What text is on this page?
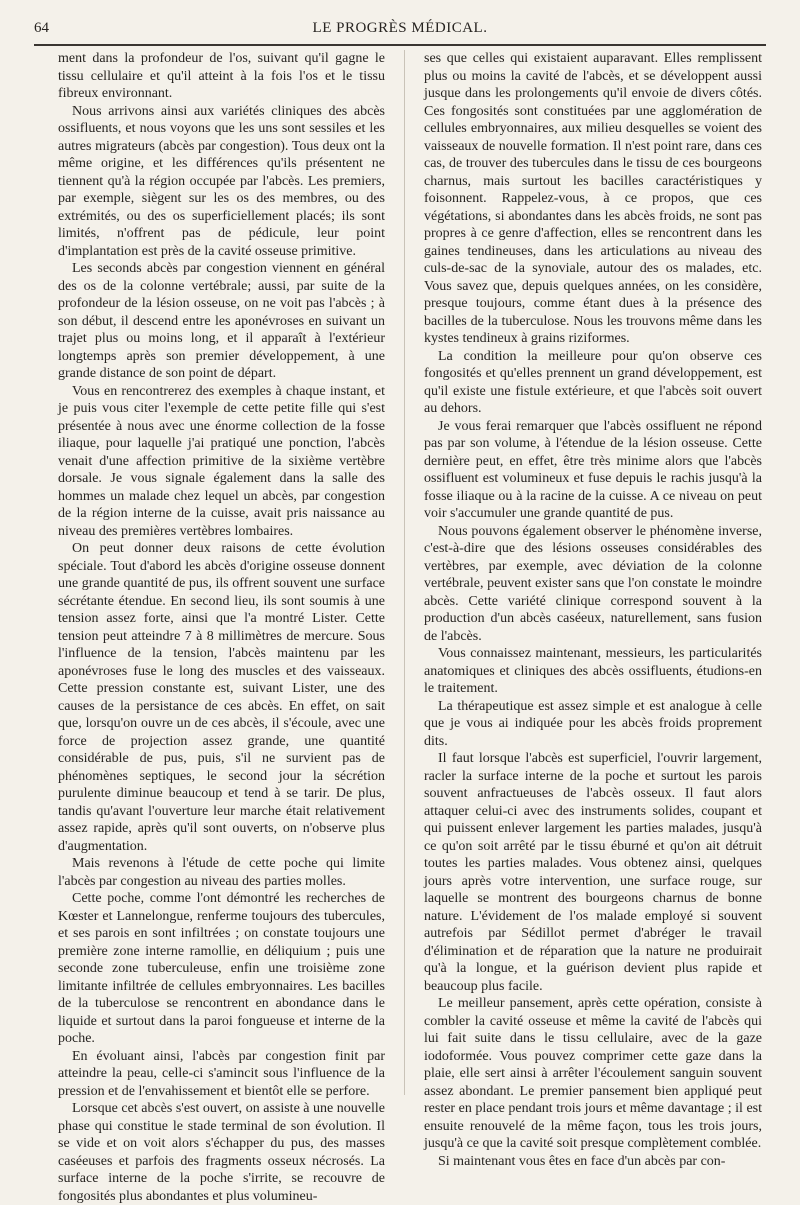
64	LE PROGRÈS MÉDICAL.

ment dans la profondeur de l'os, suivant qu'il gagne le tissu cellulaire et qu'il atteint à la fois l'os et le tissu fibreux environnant.

Nous arrivons ainsi aux variétés cliniques des abcès ossifluents, et nous voyons que les uns sont sessiles et les autres migrateurs (abcès par congestion). Tous deux ont la même origine, et les différences qu'ils présentent ne tiennent qu'à la région occupée par l'abcès. Les premiers, par exemple, siègent sur les os des membres, ou des extrémités, ou des os superficiellement placés; ils sont limités, n'offrent pas de pédicule, leur point d'implantation est près de la cavité osseuse primitive.

Les seconds abcès par congestion viennent en général des os de la colonne vertébrale; aussi, par suite de la profondeur de la lésion osseuse, on ne voit pas l'abcès ; à son début, il descend entre les aponévroses en suivant un trajet plus ou moins long, et il apparaît à l'extérieur longtemps après son premier développement, à une grande distance de son point de départ.

Vous en rencontrerez des exemples à chaque instant, et je puis vous citer l'exemple de cette petite fille qui s'est présentée à nous avec une énorme collection de la fosse iliaque, pour laquelle j'ai pratiqué une ponction, l'abcès venait d'une affection primitive de la sixième vertèbre dorsale. Je vous signale également dans la salle des hommes un malade chez lequel un abcès, par congestion de la région interne de la cuisse, avait pris naissance au niveau des premières vertèbres lombaires.

On peut donner deux raisons de cette évolution spéciale. Tout d'abord les abcès d'origine osseuse donnent une grande quantité de pus, ils offrent souvent une surface sécrétante étendue. En second lieu, ils sont soumis à une tension assez forte, ainsi que l'a montré Lister. Cette tension peut atteindre 7 à 8 millimètres de mercure. Sous l'influence de la tension, l'abcès maintenu par les aponévroses fuse le long des muscles et des vaisseaux. Cette pression constante est, suivant Lister, une des causes de la persistance de ces abcès. En effet, on sait que, lorsqu'on ouvre un de ces abcès, il s'écoule, avec une force de projection assez grande, une quantité considérable de pus, puis, s'il ne survient pas de phénomènes septiques, le second jour la sécrétion purulente diminue beaucoup et tend à se tarir. De plus, tandis qu'avant l'ouverture leur marche était relativement assez rapide, après qu'il sont ouverts, on n'observe plus d'augmentation.

Mais revenons à l'étude de cette poche qui limite l'abcès par congestion au niveau des parties molles.

Cette poche, comme l'ont démontré les recherches de Kœster et Lannelongue, renferme toujours des tubercules, et ses parois en sont infiltrées ; on constate toujours une première zone interne ramollie, en déliquium ; puis une seconde zone tuberculeuse, enfin une troisième zone limitante infiltrée de cellules embryonnaires. Les bacilles de la tuberculose se rencontrent en abondance dans le liquide et surtout dans la paroi fongueuse et interne de la poche.

En évoluant ainsi, l'abcès par congestion finit par atteindre la peau, celle-ci s'amincit sous l'influence de la pression et de l'envahissement et bientôt elle se perfore.

Lorsque cet abcès s'est ouvert, on assiste à une nouvelle phase qui constitue le stade terminal de son évolution. Il se vide et on voit alors s'échapper du pus, des masses caséeuses et parfois des fragments osseux nécrosés. La surface interne de la poche s'irrite, se recouvre de fongosités plus abondantes et plus volumineu-

ses que celles qui existaient auparavant. Elles remplissent plus ou moins la cavité de l'abcès, et se développent aussi jusque dans les prolongements qu'il envoie de divers côtés. Ces fongosités sont constituées par une agglomération de cellules embryonnaires, aux milieu desquelles se voient des vaisseaux de nouvelle formation. Il n'est point rare, dans ces cas, de trouver des tubercules dans le tissu de ces bourgeons charnus, mais surtout les bacilles caractéristiques y foisonnent. Rappelez-vous, à ce propos, que ces végétations, si abondantes dans les abcès froids, ne sont pas propres à ce genre d'affection, elles se rencontrent dans les gaines tendineuses, dans les articulations au niveau des culs-de-sac de la synoviale, autour des os malades, etc. Vous savez que, depuis quelques années, on les considère, presque toujours, comme étant dues à la présence des bacilles de la tuberculose. Nous les trouvons même dans les kystes tendineux à grains riziformes.

La condition la meilleure pour qu'on observe ces fongosités et qu'elles prennent un grand développement, est qu'il existe une fistule extérieure, et que l'abcès soit ouvert au dehors.

Je vous ferai remarquer que l'abcès ossifluent ne répond pas par son volume, à l'étendue de la lésion osseuse. Cette dernière peut, en effet, être très minime alors que l'abcès ossifluent est volumineux et fuse depuis le rachis jusqu'à la fosse iliaque ou à la racine de la cuisse. A ce niveau on peut voir s'accumuler une grande quantité de pus.

Nous pouvons également observer le phénomène inverse, c'est-à-dire que des lésions osseuses considérables des vertèbres, par exemple, avec déviation de la colonne vertébrale, peuvent exister sans que l'on constate le moindre abcès. Cette variété clinique correspond souvent à la production d'un abcès caséeux, naturellement, sans fusion de l'abcès.

Vous connaissez maintenant, messieurs, les particularités anatomiques et cliniques des abcès ossifluents, étudions-en le traitement.

La thérapeutique est assez simple et est analogue à celle que je vous ai indiquée pour les abcès froids proprement dits.

Il faut lorsque l'abcès est superficiel, l'ouvrir largement, racler la surface interne de la poche et surtout les parois souvent anfractueuses de l'abcès osseux. Il faut alors attaquer celui-ci avec des instruments solides, coupant et qui puissent enlever largement les parties malades, jusqu'à ce qu'on soit arrêté par le tissu éburné et qu'on ait détruit toutes les parties malades. Vous obtenez ainsi, quelques jours après votre intervention, une surface rouge, sur laquelle se montrent des bourgeons charnus de bonne nature. L'évidement de l'os malade employé si souvent autrefois par Sédillot permet d'abréger le travail d'élimination et de réparation que la nature ne produirait qu'à la longue, et la guérison devient plus rapide et beaucoup plus facile.

Le meilleur pansement, après cette opération, consiste à combler la cavité osseuse et même la cavité de l'abcès qui lui fait suite dans le tissu cellulaire, avec de la gaze iodoformée. Vous pouvez comprimer cette gaze dans la plaie, elle sert ainsi à arrêter l'écoulement sanguin souvent assez abondant. Le premier pansement bien appliqué peut rester en place pendant trois jours et même davantage ; il est ensuite renouvelé de la même façon, tous les trois jours, jusqu'à ce que la cavité soit presque complètement comblée.

Si maintenant vous êtes en face d'un abcès par con-
